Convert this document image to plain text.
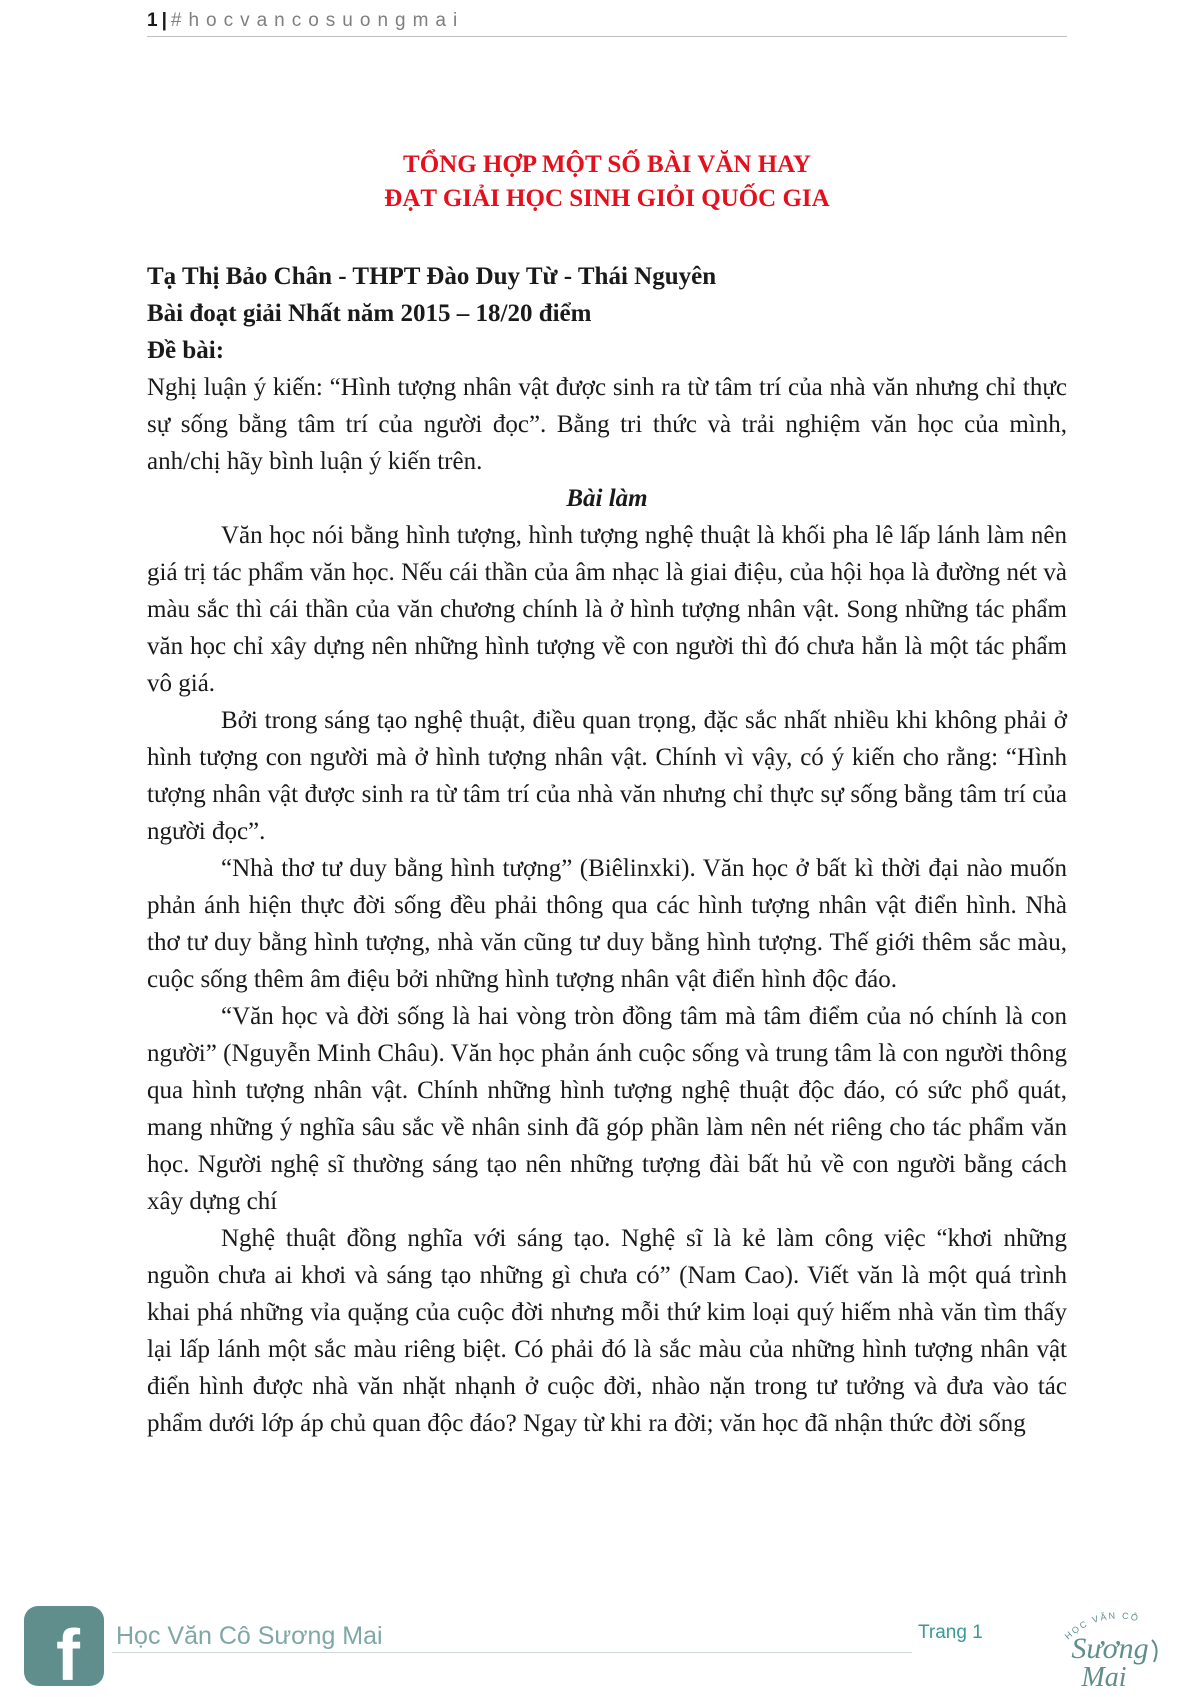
1 | #hocvancosuongmai
TỔNG HỢP MỘT SỐ BÀI VĂN HAY
ĐẠT GIẢI HỌC SINH GIỎI QUỐC GIA

Tạ Thị Bảo Chân - THPT Đào Duy Từ - Thái Nguyên

Bài đoạt giải Nhất năm 2015 – 18/20 điểm

Đề bài:

Nghị luận ý kiến: “Hình tượng nhân vật được sinh ra từ tâm trí của nhà văn nhưng chỉ thực sự sống bằng tâm trí của người đọc”. Bằng tri thức và trải nghiệm văn học của mình, anh/chị hãy bình luận ý kiến trên.

Bài làm

Văn học nói bằng hình tượng, hình tượng nghệ thuật là khối pha lê lấp lánh làm nên giá trị tác phẩm văn học. Nếu cái thần của âm nhạc là giai điệu, của hội họa là đường nét và màu sắc thì cái thần của văn chương chính là ở hình tượng nhân vật. Song những tác phẩm văn học chỉ xây dựng nên những hình tượng về con người thì đó chưa hẳn là một tác phẩm vô giá.

Bởi trong sáng tạo nghệ thuật, điều quan trọng, đặc sắc nhất nhiều khi không phải ở hình tượng con người mà ở hình tượng nhân vật. Chính vì vậy, có ý kiến cho rằng: “Hình tượng nhân vật được sinh ra từ tâm trí của nhà văn nhưng chỉ thực sự sống bằng tâm trí của người đọc”.

“Nhà thơ tư duy bằng hình tượng” (Biêlinxki). Văn học ở bất kì thời đại nào muốn phản ánh hiện thực đời sống đều phải thông qua các hình tượng nhân vật điển hình. Nhà thơ tư duy bằng hình tượng, nhà văn cũng tư duy bằng hình tượng. Thế giới thêm sắc màu, cuộc sống thêm âm điệu bởi những hình tượng nhân vật điển hình độc đáo.

“Văn học và đời sống là hai vòng tròn đồng tâm mà tâm điểm của nó chính là con người” (Nguyễn Minh Châu). Văn học phản ánh cuộc sống và trung tâm là con người thông qua hình tượng nhân vật. Chính những hình tượng nghệ thuật độc đáo, có sức phổ quát, mang những ý nghĩa sâu sắc về nhân sinh đã góp phần làm nên nét riêng cho tác phẩm văn học. Người nghệ sĩ thường sáng tạo nên những tượng đài bất hủ về con người bằng cách xây dựng chí

Nghệ thuật đồng nghĩa với sáng tạo. Nghệ sĩ là kẻ làm công việc “khơi những nguồn chưa ai khơi và sáng tạo những gì chưa có” (Nam Cao). Viết văn là một quá trình khai phá những vỉa quặng của cuộc đời nhưng mỗi thứ kim loại quý hiếm nhà văn tìm thấy lại lấp lánh một sắc màu riêng biệt. Có phải đó là sắc màu của những hình tượng nhân vật điển hình được nhà văn nhặt nhạnh ở cuộc đời, nhào nặn trong tư tưởng và đưa vào tác phẩm dưới lớp áp chủ quan độc đáo? Ngay từ khi ra đời; văn học đã nhận thức đời sống

f Học Văn Cô Sương Mai	Trang 1	HỌC VĂN CÔ
Sương
Mai
